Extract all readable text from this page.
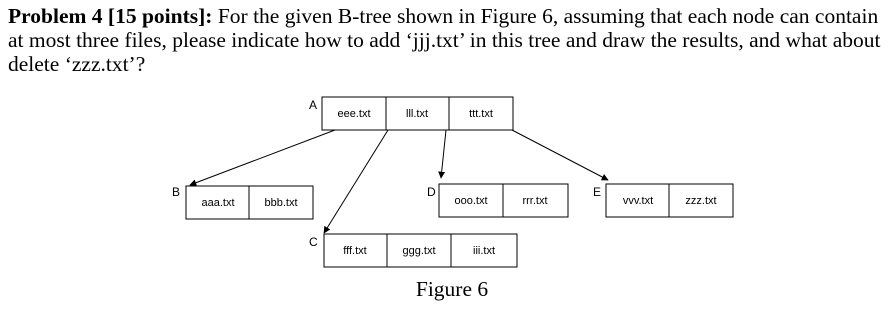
Problem 4 [15 points]: For the given B-tree shown in Figure 6, assuming that each node can contain at most three files, please indicate how to add ‘jjj.txt’ in this tree and draw the results, and what about delete ‘zzz.txt’?

A
eee.txt	lll.txt	ttt.txt
B
aaa.txt	bbb.txt
D
ooo.txt	rrr.txt
E
vvv.txt	zzz.txt
C
fff.txt	ggg.txt	iii.txt
Figure 6
